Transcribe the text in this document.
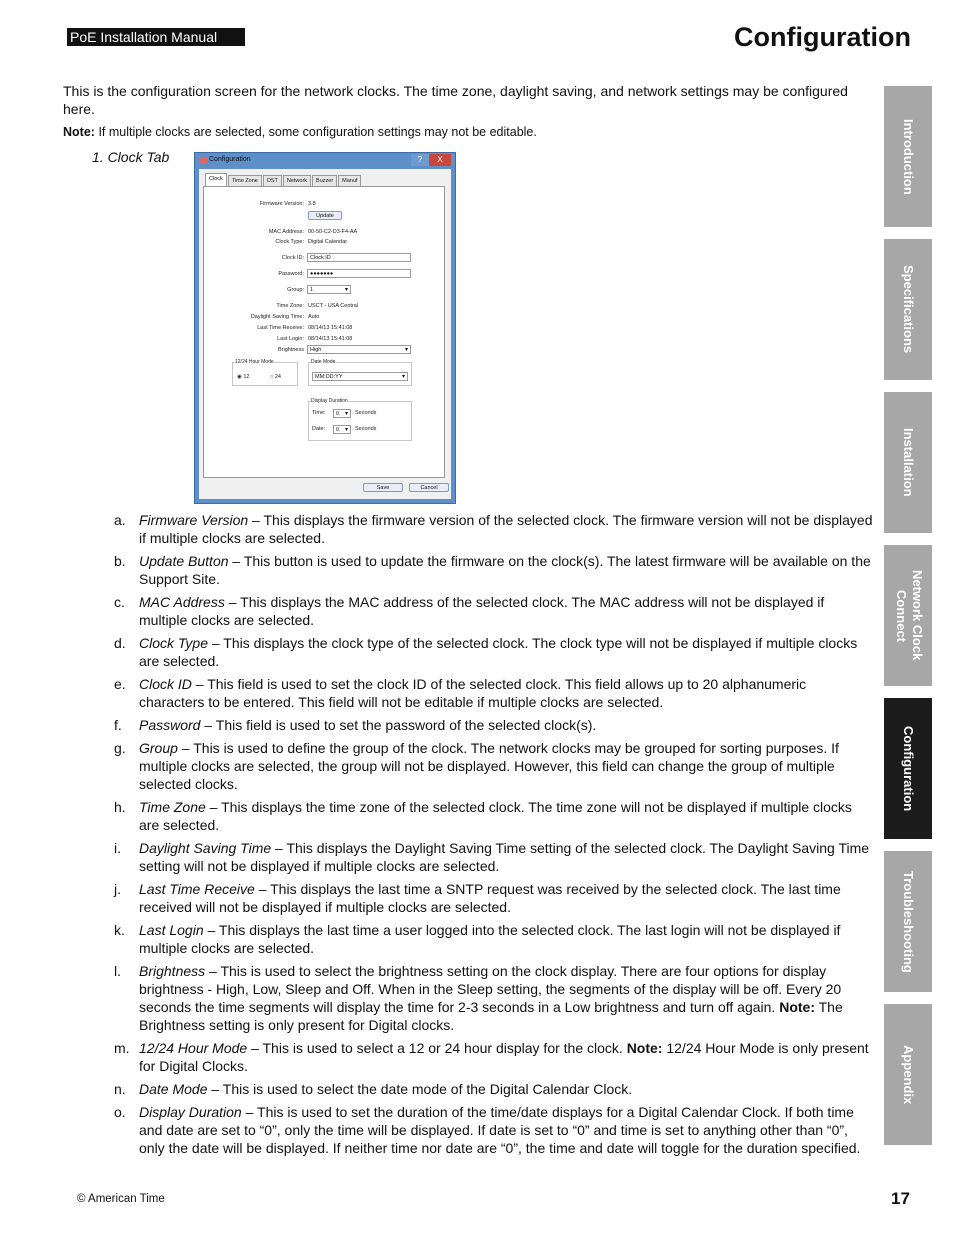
PoE Installation Manual	Configuration
This is the configuration screen for the network clocks. The time zone, daylight saving, and network settings may be configured here.
Note: If multiple clocks are selected, some configuration settings may not be editable.
1. Clock Tab	Introduction
Specifications
Installation
Network Clock Connect
Configuration
Troubleshooting
Appendix
Configuration	?	X
Clock	Time Zone	DST	Network	Buzzer	Manuf
Firmware Version: 3.8
Update
MAC Address: 00-50-C2-D3-F4-AA
Clock Type: Digital Calendar
Clock ID:	Clock ID
Password:	●●●●●●●
Group:	1 ▾
Time Zone: USCT - USA Central
Daylight Saving Time: Auto
Last Time Receive: 08/14/13 15:41:08
Last Login: 08/14/13 15:41:08
Brightness	High ▾
12/24 Hour Mode
◉ 12	○ 24
Date Mode
MM:DD:YY ▾
Display Duration
Time:	0 ▾	Seconds
Date:	0 ▾	Seconds
Save	Cancel
a. Firmware Version – This displays the firmware version of the selected clock. The firmware version will not be displayed if multiple clocks are selected.
b. Update Button – This button is used to update the firmware on the clock(s). The latest firmware will be available on the Support Site.
c. MAC Address – This displays the MAC address of the selected clock. The MAC address will not be displayed if multiple clocks are selected.
d. Clock Type – This displays the clock type of the selected clock. The clock type will not be displayed if multiple clocks are selected.
e. Clock ID – This field is used to set the clock ID of the selected clock. This field allows up to 20 alphanumeric characters to be entered. This field will not be editable if multiple clocks are selected.
f. Password – This field is used to set the password of the selected clock(s).
g. Group – This is used to define the group of the clock. The network clocks may be grouped for sorting purposes. If multiple clocks are selected, the group will not be displayed. However, this field can change the group of multiple selected clocks.
h. Time Zone – This displays the time zone of the selected clock. The time zone will not be displayed if multiple clocks are selected.
i. Daylight Saving Time – This displays the Daylight Saving Time setting of the selected clock. The Daylight Saving Time setting will not be displayed if multiple clocks are selected.
j. Last Time Receive – This displays the last time a SNTP request was received by the selected clock. The last time received will not be displayed if multiple clocks are selected.
k. Last Login – This displays the last time a user logged into the selected clock. The last login will not be displayed if multiple clocks are selected.
l. Brightness – This is used to select the brightness setting on the clock display. There are four options for display brightness - High, Low, Sleep and Off. When in the Sleep setting, the segments of the display will be off. Every 20 seconds the time segments will display the time for 2-3 seconds in a Low brightness and turn off again. Note: The Brightness setting is only present for Digital clocks.
m. 12/24 Hour Mode – This is used to select a 12 or 24 hour display for the clock. Note: 12/24 Hour Mode is only present for Digital Clocks.
n. Date Mode – This is used to select the date mode of the Digital Calendar Clock.
o. Display Duration – This is used to set the duration of the time/date displays for a Digital Calendar Clock. If both time and date are set to “0”, only the time will be displayed. If date is set to “0” and time is set to anything other than “0”, only the date will be displayed. If neither time nor date are “0”, the time and date will toggle for the duration specified.
© American Time	17
